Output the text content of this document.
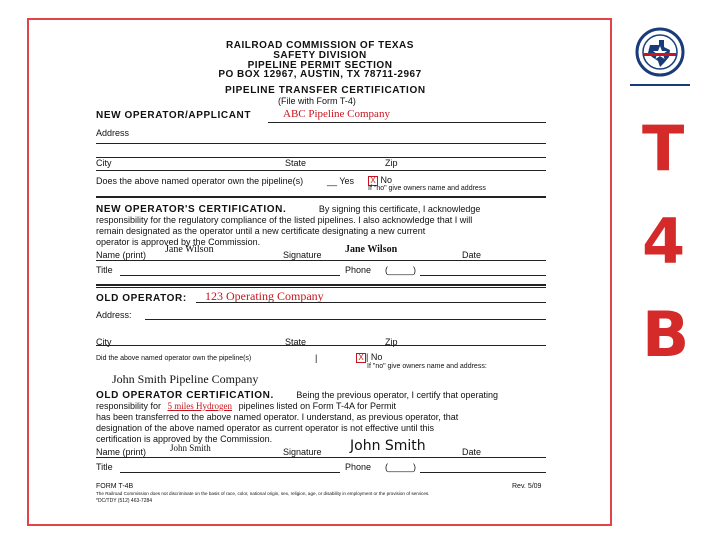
RAILROAD COMMISSION OF TEXAS
SAFETY DIVISION
PIPELINE PERMIT SECTION
PO BOX 12967, AUSTIN, TX 78711-2967
PIPELINE TRANSFER CERTIFICATION
(File with Form T-4)
NEW OPERATOR/APPLICANT	ABC Pipeline Company
Address
City	State	Zip
Does the above named operator own the pipeline(s)	__ Yes X No
If "no" give owners name and address
NEW OPERATOR'S CERTIFICATION.	By signing this certificate, I acknowledge
responsibility for the regulatory compliance of the listed pipelines. I also acknowledge that I will
remain designated as the operator until a new certificate designating a new current
operator is approved by the Commission.
Name (print) Jane Wilson	Signature Jane Wilson	Date
Title	Phone (_____)
OLD OPERATOR: 123 Operating Company
Address:
City	State	Zip
Did the above named operator own the pipeline(s)	|	X | No
If "no" give owners name and address:
John Smith Pipeline Company
OLD OPERATOR CERTIFICATION.	Being the previous operator, I certify that operating
responsibility for 5 miles Hydrogen pipelines listed on Form T-4A for Permit
has been transferred to the above named operator. I understand, as previous operator, that
designation of the above named operator as current operator is not effective until this
certification is approved by the Commission.
Name (print)	John Smith	Signature John Smith	Date
Title	Phone (_____)
FORM T-4B	Rev. 5/09
The Railroad Commission does not discriminate on the basis of race, color, national origin, sex, religion, age, or disability in employment or the provision of services.
*DC/TDY (512) 463-7284
T
4
B
